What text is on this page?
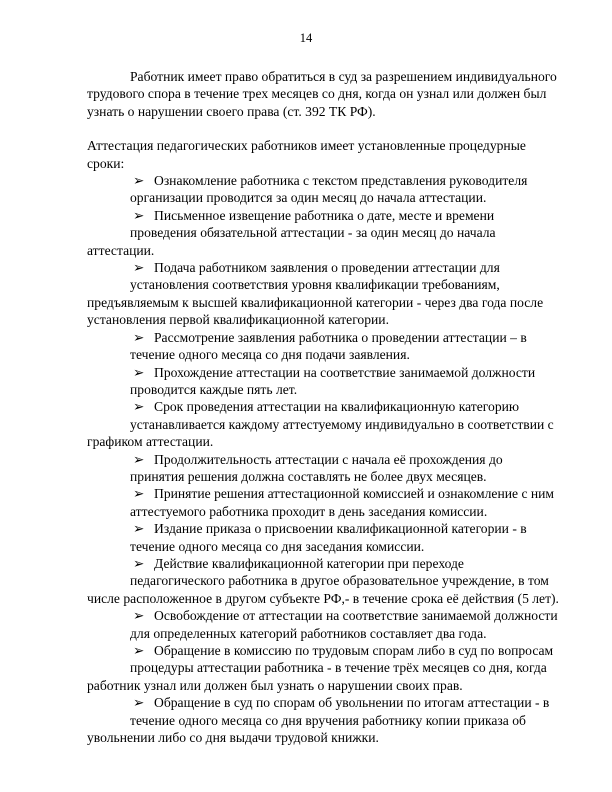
14

Работник имеет право обратиться в суд за разрешением индивидуального трудового спора в течение трех месяцев со дня, когда он узнал или должен был узнать о нарушении своего права (ст. 392 ТК РФ).

Аттестация педагогических работников имеет установленные процедурные сроки:

➢ Ознакомление работника с текстом представления руководителя
организации проводится за один месяц до начала аттестации.
➢ Письменное извещение работника о дате, месте и времени
проведения обязательной аттестации - за один месяц до начала аттестации.
➢ Подача работником заявления о проведении аттестации для
установления соответствия уровня квалификации требованиям, предъявляемым к высшей квалификационной категории - через два года после установления первой квалификационной категории.
➢ Рассмотрение заявления работника о проведении аттестации – в
течение одного месяца со дня подачи заявления.
➢ Прохождение аттестации на соответствие занимаемой должности
проводится каждые пять лет.
➢ Срок проведения аттестации на квалификационную категорию
устанавливается каждому аттестуемому индивидуально в соответствии с графиком аттестации.
➢ Продолжительность аттестации с начала её прохождения до
принятия решения должна составлять не более двух месяцев.
➢ Принятие решения аттестационной комиссией и ознакомление с ним
аттестуемого работника проходит в день заседания комиссии.
➢ Издание приказа о присвоении квалификационной категории - в
течение одного месяца со дня заседания комиссии.
➢ Действие квалификационной категории при переходе
педагогического работника в другое образовательное учреждение, в том числе расположенное в другом субъекте РФ,- в течение срока её действия (5 лет).
➢ Освобождение от аттестации на соответствие занимаемой должности
для определенных категорий работников составляет два года.
➢ Обращение в комиссию по трудовым спорам либо в суд по вопросам
процедуры аттестации работника - в течение трёх месяцев со дня, когда работник узнал или должен был узнать о нарушении своих прав.
➢ Обращение в суд по спорам об увольнении по итогам аттестации - в
течение одного месяца со дня вручения работнику копии приказа об увольнении либо со дня выдачи трудовой книжки.
